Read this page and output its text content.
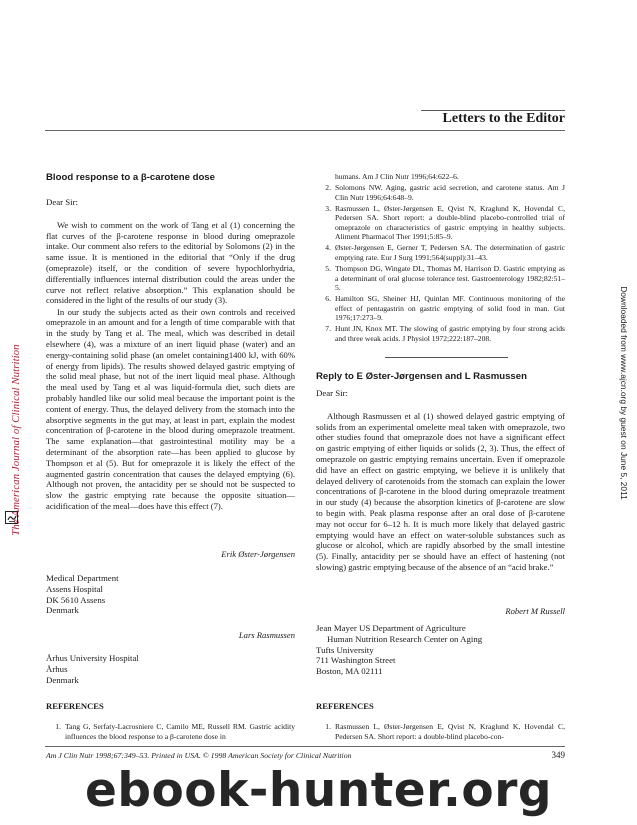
The American Journal of Clinical Nutrition	Downloaded from www.ajcn.org by guest on June 5, 2011
Letters to the Editor

Blood response to a β-carotene dose

Dear Sir:

We wish to comment on the work of Tang et al (1) concerning the flat curves of the β-carotene response in blood during omeprazole intake. Our comment also refers to the editorial by Solomons (2) in the same issue. It is mentioned in the editorial that “Only if the drug (omeprazole) itself, or the condition of severe hypochlorhydria, differentially influences internal distribution could the areas under the curve not reflect relative absorption.” This explanation should be considered in the light of the results of our study (3).

In our study the subjects acted as their own controls and received omeprazole in an amount and for a length of time comparable with that in the study by Tang et al. The meal, which was described in detail elsewhere (4), was a mixture of an inert liquid phase (water) and an energy-containing solid phase (an omelet containing1400 kJ, with 60% of energy from lipids). The results showed delayed gastric emptying of the solid meal phase, but not of the inert liquid meal phase. Although the meal used by Tang et al was liquid-formula diet, such diets are probably handled like our solid meal because the important point is the content of energy. Thus, the delayed delivery from the stomach into the absorptive segments in the gut may, at least in part, explain the modest concentration of β-carotene in the blood during omeprazole treatment. The same explanation—that gastrointestinal motility may be a determinant of the absorption rate—has been applied to glucose by Thompson et al (5). But for omeprazole it is likely the effect of the augmented gastrin concentration that causes the delayed emptying (6). Although not proven, the antacidity per se should not be suspected to slow the gastric emptying rate because the opposite situation—acidification of the meal—does have this effect (7).

Erik Øster-Jørgensen

Medical Department

Assens Hospital

DK 5610 Assens

Denmark

Lars Rasmussen

Århus University Hospital

Århus

Denmark

REFERENCES

1. Tang G, Serfaty-Lacrosniere C, Camilo ME, Russell RM. Gastric acidity influences the blood response to a β-carotene dose in
humans. Am J Clin Nutr 1996;64:622–6.
2. Solomons NW. Aging, gastric acid secretion, and carotene status. Am J Clin Nutr 1996;64:648–9.
3. Rasmussen L, Øster-Jørgensen E, Qvist N, Kraglund K, Hovendal C, Pedersen SA. Short report: a double-blind placebo-controlled trial of omeprazole on characteristics of gastric emptying in healthy subjects. Aliment Pharmacol Ther 1991;5:85–9.
4. Øster-Jørgensen E, Gerner T, Pedersen SA. The determination of gastric emptying rate. Eur J Surg 1991;564(suppl):31–43.
5. Thompson DG, Wingate DL, Thomas M, Harrison D. Gastric emptying as a determinant of oral glucose tolerance test. Gastroenterology 1982;82:51–5.
6. Hamilton SG, Sheiner HJ, Quinlan MF. Continuous monitoring of the effect of pentagastrin on gastric emptying of solid food in man. Gut 1976;17:273–9.
7. Hunt JN, Knox MT. The slowing of gastric emptying by four strong acids and three weak acids. J Physiol 1972;222:187–208.

Reply to E Øster-Jørgensen and L Rasmussen

Dear Sir:

Although Rasmussen et al (1) showed delayed gastric emptying of solids from an experimental omelette meal taken with omeprazole, two other studies found that omeprazole does not have a significant effect on gastric emptying of either liquids or solids (2, 3). Thus, the effect of omeprazole on gastric emptying remains uncertain. Even if omeprazole did have an effect on gastric emptying, we believe it is unlikely that delayed delivery of carotenoids from the stomach can explain the lower concentrations of β-carotene in the blood during omeprazole treatment in our study (4) because the absorption kinetics of β-carotene are slow to begin with. Peak plasma response after an oral dose of β-carotene may not occur for 6–12 h. It is much more likely that delayed gastric emptying would have an effect on water-soluble substances such as glucose or alcohol, which are rapidly absorbed by the small intestine (5). Finally, antacidity per se should have an effect of hastening (not slowing) gastric emptying because of the absence of an “acid brake.”

Robert M Russell

Jean Mayer US Department of Agriculture

Human Nutrition Research Center on Aging

Tufts University

711 Washington Street

Boston, MA 02111

REFERENCES

1. Rasmussen L, Øster-Jørgensen E, Qvist N, Kraglund K, Hovendal C, Pedersen SA. Short report: a double-blind placebo-con-
Am J Clin Nutr 1998;67:349–53. Printed in USA. © 1998 American Society for Clinical Nutrition	349
ebook-hunter.org
